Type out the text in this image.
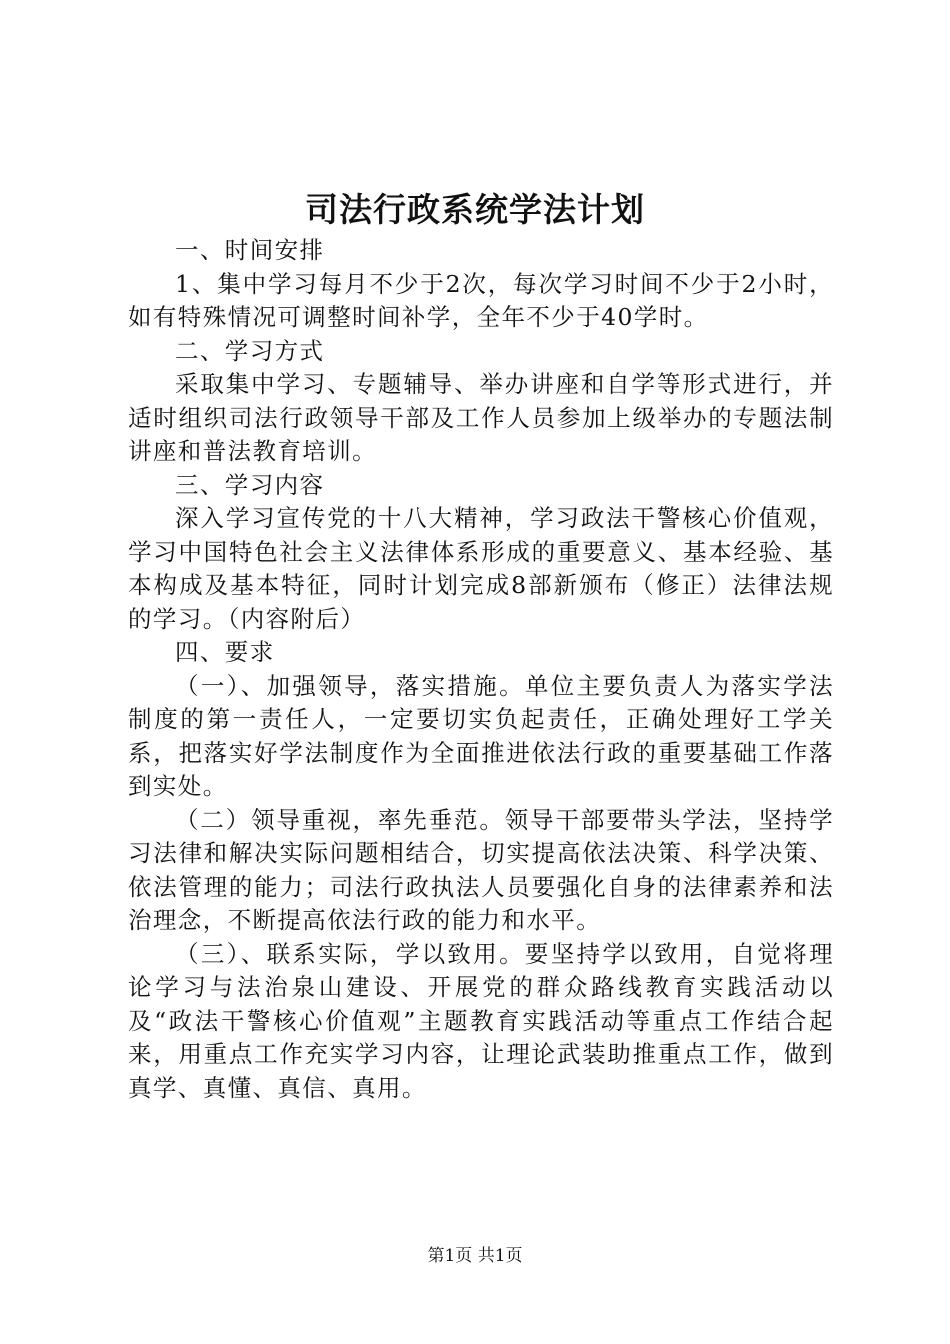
司法行政系统学法计划

一、时间安排

1、集中学习每月不少于2次，每次学习时间不少于2小时，如有特殊情况可调整时间补学，全年不少于40学时。

二、学习方式

采取集中学习、专题辅导、举办讲座和自学等形式进行，并适时组织司法行政领导干部及工作人员参加上级举办的专题法制讲座和普法教育培训。

三、学习内容

深入学习宣传党的十八大精神，学习政法干警核心价值观，学习中国特色社会主义法律体系形成的重要意义、基本经验、基本构成及基本特征，同时计划完成8部新颁布（修正）法律法规的学习。（内容附后）

四、要求

（一）、加强领导，落实措施。单位主要负责人为落实学法制度的第一责任人，一定要切实负起责任，正确处理好工学关系，把落实好学法制度作为全面推进依法行政的重要基础工作落到实处。

（二）领导重视，率先垂范。领导干部要带头学法，坚持学习法律和解决实际问题相结合，切实提高依法决策、科学决策、依法管理的能力；司法行政执法人员要强化自身的法律素养和法治理念，不断提高依法行政的能力和水平。

（三）、联系实际，学以致用。要坚持学以致用，自觉将理论学习与法治泉山建设、开展党的群众路线教育实践活动以及“政法干警核心价值观”主题教育实践活动等重点工作结合起来，用重点工作充实学习内容，让理论武装助推重点工作，做到真学、真懂、真信、真用。

第1页 共1页
